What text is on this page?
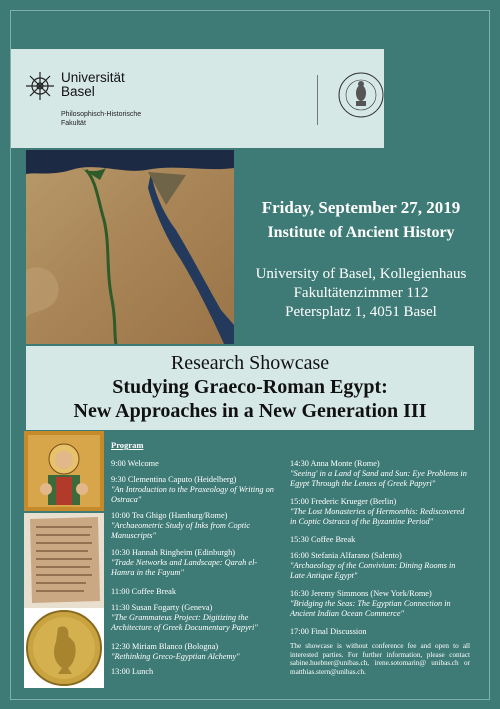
Universität
Basel
Philosophisch-Historische
Fakultät
Friday, September 27, 2019
Institute of Ancient History
University of Basel, Kollegienhaus
Fakultätenzimmer 112
Petersplatz 1, 4051 Basel
Research Showcase
Studying Graeco-Roman Egypt:
New Approaches in a New Generation III
Program
9:00 Welcome
9:30 Clementina Caputo (Heidelberg)
"An Introduction to the Praxeology of Writing on Ostraca"
10:00 Tea Ghigo (Hamburg/Rome)
"Archaeometric Study of Inks from Coptic Manuscripts"
10:30 Hannah Ringheim (Edinburgh)
"Trade Networks and Landscape: Qarah el-Hamra in the Fayum"
11:00 Coffee Break
11:30 Susan Fogarty (Geneva)
"The Grammateus Project: Digitizing the Architecture of Greek Documentary Papyri"
12:30 Miriam Blanco (Bologna)
"Rethinking Greco-Egyptian Alchemy"
13:00 Lunch
14:30 Anna Monte (Rome)
"Seeing' in a Land of Sand and Sun: Eye Problems in Egypt Through the Lenses of Greek Papyri"
15:00 Frederic Krueger (Berlin)
"The Lost Monasteries of Hermonthis: Rediscovered in Coptic Ostraca of the Byzantine Period"
15:30 Coffee Break
16:00 Stefania Alfarano (Salento)
"Archaeology of the Convivium: Dining Rooms in Late Antique Egypt"
16:30 Jeremy Simmons (New York/Rome)
"Bridging the Seas: The Egyptian Connection in Ancient Indian Ocean Commerce"
17:00 Final Discussion
The showcase is without conference fee and open to all interested parties. For further information, please contact sabine.huebner@unibas.ch, irene.sotomarin@ unibas.ch or matthias.stern@unibas.ch.
